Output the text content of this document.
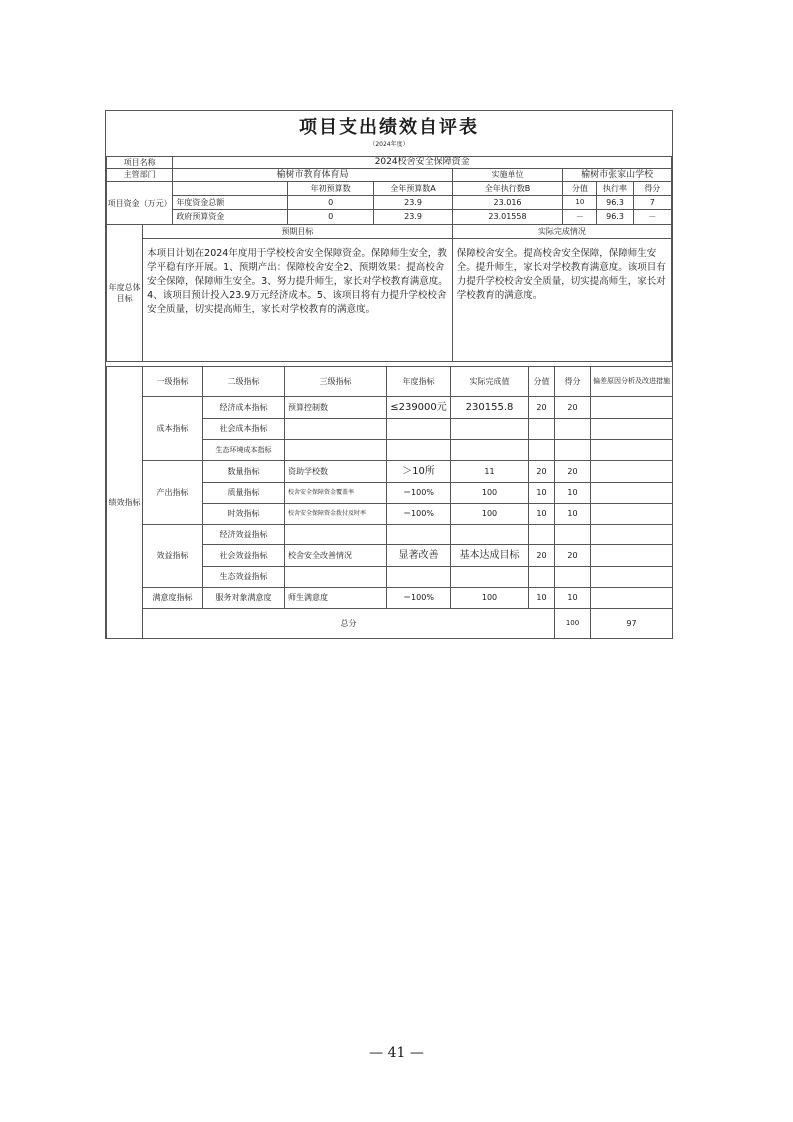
项目支出绩效自评表
（2024年度）
项目名称		2024校舍安全保障资金						
主管部门		榆树市教育体育局			实施单位	榆树市张家山学校		
项目资金（万元）			年初预算数	全年预算数A	全年执行数B	分值	执行率	得分
		年度资金总额	0	23.9	23.016	10	96.3	7
		政府预算资金	0	23.9	23.01558	－	96.3	－
年度总体目标	预期目标				实际完成情况			
	本项目计划在2024年度用于学校校舍安全保障资金。保障师生安全，教学平稳有序开展。1、预期产出：保障校舍安全2、预期效果：提高校舍安全保障，保障师生安全。3、努力提升师生，家长对学校教育满意度。4、该项目预计投入23.9万元经济成本。5、该项目将有力提升学校校舍安全质量，切实提高师生，家长对学校教育的满意度。				保障校舍安全。提高校舍安全保障，保障师生安全。提升师生，家长对学校教育满意度。该项目有力提升学校校舍安全质量，切实提高师生，家长对学校教育的满意度。			
绩效指标	一级指标	二级指标	三级指标	年度指标	实际完成值	分值	得分	偏差原因分析及改进措施	
	成本指标	经济成本指标	预算控制数	≤239000元	230155.8	20	20		
		社会成本指标							
		生态环境成本指标							
	产出指标	数量指标	资助学校数	＞10所	11	20	20		
		质量指标	校舍安全保障资金覆盖率	＝100%	100	10	10		
		时效指标	校舍安全保障资金拨付及时率	＝100%	100	10	10		
	效益指标	经济效益指标							
		社会效益指标	校舍安全改善情况	显著改善	基本达成目标	20	20		
		生态效益指标							
	满意度指标	服务对象满意度	师生满意度	＝100%	100	10	10		
	总分						100	97	
— 41 —
